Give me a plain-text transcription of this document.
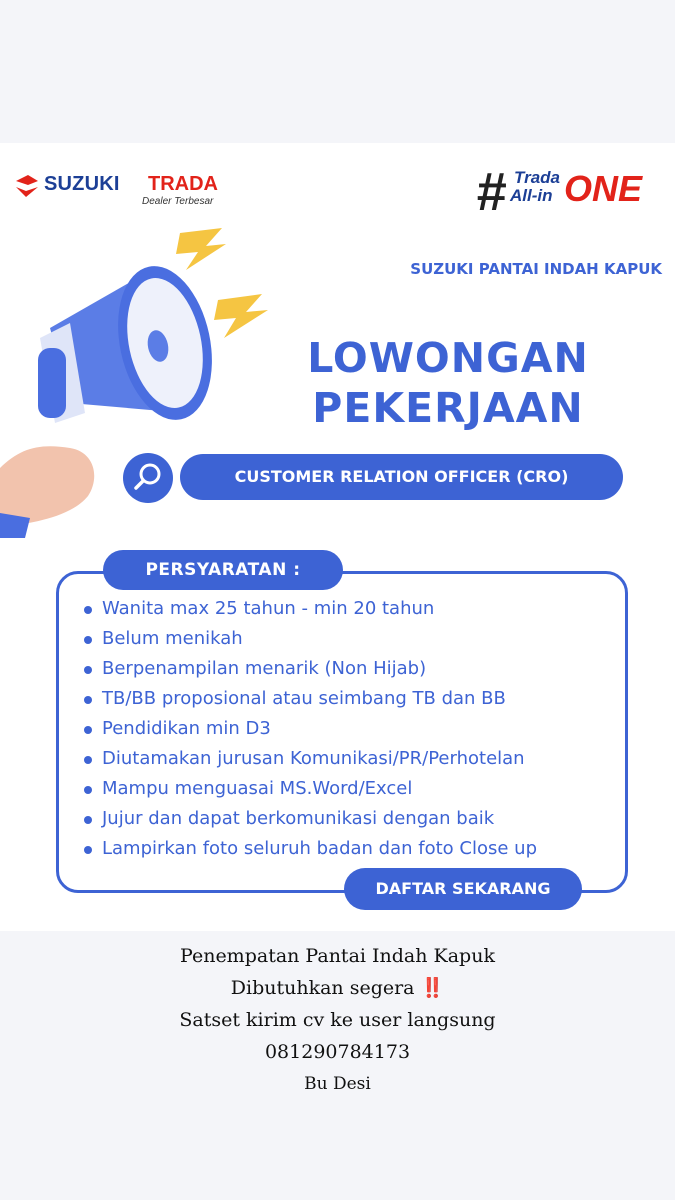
SUZUKI TRADA
Dealer Terbesar	# Trada
All-in ONE
SUZUKI PANTAI INDAH KAPUK
LOWONGAN
PEKERJAAN
CUSTOMER RELATION OFFICER (CRO)
PERSYARATAN :
Wanita max 25 tahun - min 20 tahun
Belum menikah
Berpenampilan menarik (Non Hijab)
TB/BB proposional atau seimbang TB dan BB
Pendidikan min D3
Diutamakan jurusan Komunikasi/PR/Perhotelan
Mampu menguasai MS.Word/Excel
Jujur dan dapat berkomunikasi dengan baik
Lampirkan foto seluruh badan dan foto Close up
DAFTAR SEKARANG
Penempatan Pantai Indah Kapuk
Dibutuhkan segera ‼️
Satset kirim cv ke user langsung
081290784173
Bu Desi
